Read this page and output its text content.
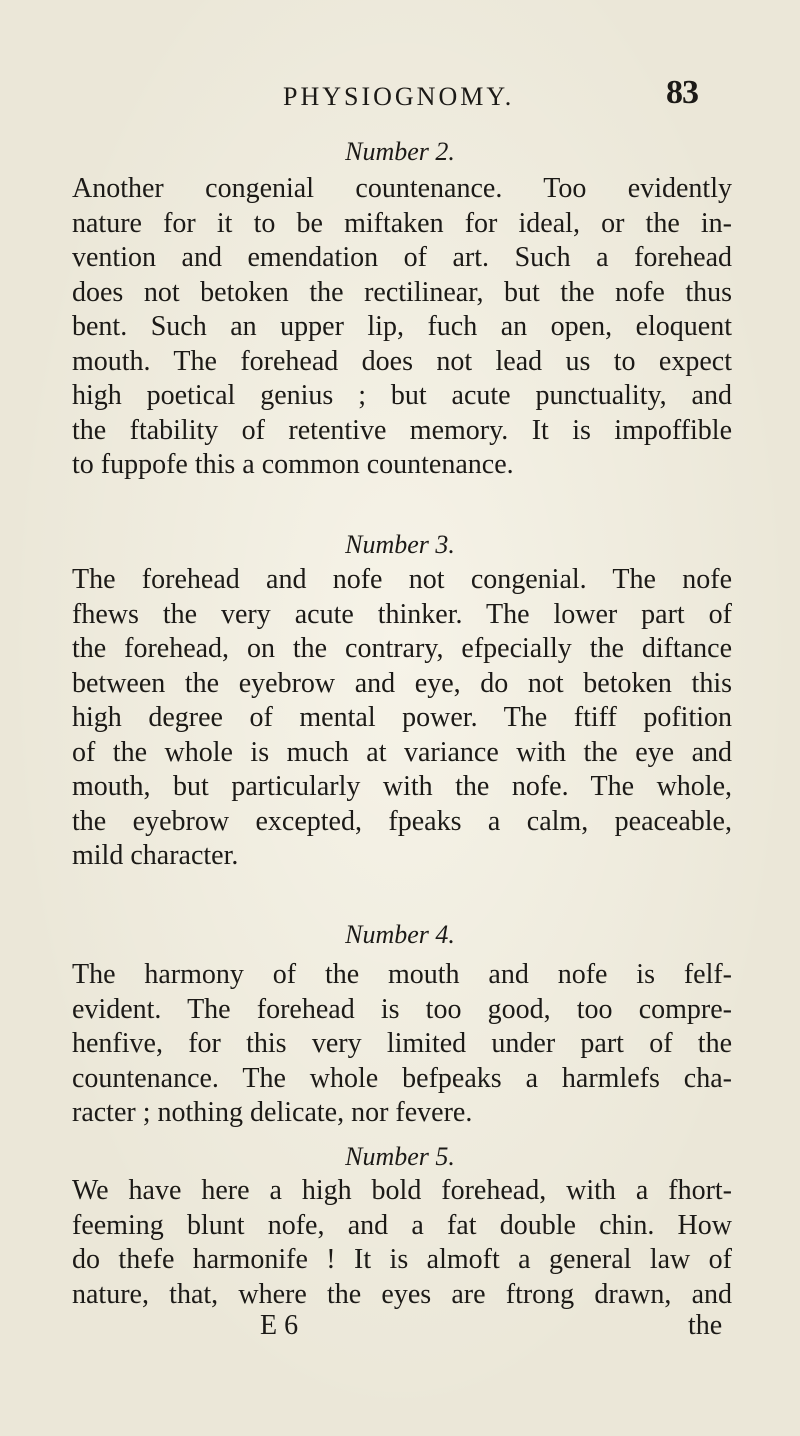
PHYSIOGNOMY.	83
Number 2.
Another congenial countenance. Too evidently
nature for it to be miftaken for ideal, or the in-
vention and emendation of art. Such a forehead
does not betoken the rectilinear, but the nofe thus
bent. Such an upper lip, fuch an open, eloquent
mouth. The forehead does not lead us to expect
high poetical genius ; but acute punctuality, and
the ftability of retentive memory. It is impoffible
to fuppofe this a common countenance.
Number 3.
The forehead and nofe not congenial. The nofe
fhews the very acute thinker. The lower part of
the forehead, on the contrary, efpecially the diftance
between the eyebrow and eye, do not betoken this
high degree of mental power. The ftiff pofition
of the whole is much at variance with the eye and
mouth, but particularly with the nofe. The whole,
the eyebrow excepted, fpeaks a calm, peaceable,
mild character.
Number 4.
The harmony of the mouth and nofe is felf-
evident. The forehead is too good, too compre-
henfive, for this very limited under part of the
countenance. The whole befpeaks a harmlefs cha-
racter ; nothing delicate, nor fevere.
Number 5.
We have here a high bold forehead, with a fhort-
feeming blunt nofe, and a fat double chin. How
do thefe harmonife ! It is almoft a general law of
nature, that, where the eyes are ftrong drawn, and
E 6	the
